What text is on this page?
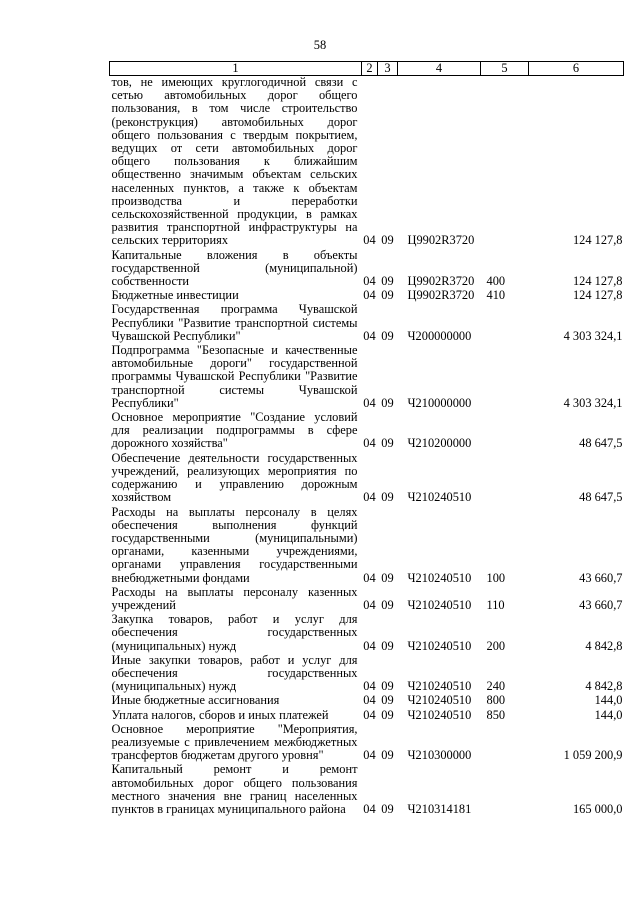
58
1	2	3	4	5	6
тов, не имеющих круглогодичной связи с сетью автомобильных дорог общего пользования, в том числе строительство (реконструкция) автомобильных дорог общего пользования с твердым покрытием, ведущих от сети автомобильных дорог общего пользования к ближайшим общественно значимым объектам сельских населенных пунктов, а также к объектам производства и переработки сельскохозяйственной продукции, в рамках развития транспортной инфраструктуры на сельских территориях	04	09	Ц9902R3720		124 127,8
Капитальные вложения в объекты государственной (муниципальной) собственности	04	09	Ц9902R3720	400	124 127,8
Бюджетные инвестиции	04	09	Ц9902R3720	410	124 127,8
Государственная программа Чувашской Республики "Развитие транспортной системы Чувашской Республики"	04	09	Ч200000000		4 303 324,1
Подпрограмма "Безопасные и качественные автомобильные дороги" государственной программы Чувашской Республики "Развитие транспортной системы Чувашской Республики"	04	09	Ч210000000		4 303 324,1
Основное мероприятие "Создание условий для реализации подпрограммы в сфере дорожного хозяйства"	04	09	Ч210200000		48 647,5
Обеспечение деятельности государственных учреждений, реализующих мероприятия по содержанию и управлению дорожным хозяйством	04	09	Ч210240510		48 647,5
Расходы на выплаты персоналу в целях обеспечения выполнения функций государственными (муниципальными) органами, казенными учреждениями, органами управления государственными внебюджетными фондами	04	09	Ч210240510	100	43 660,7
Расходы на выплаты персоналу казенных учреждений	04	09	Ч210240510	110	43 660,7
Закупка товаров, работ и услуг для обеспечения государственных (муниципальных) нужд	04	09	Ч210240510	200	4 842,8
Иные закупки товаров, работ и услуг для обеспечения государственных (муниципальных) нужд	04	09	Ч210240510	240	4 842,8
Иные бюджетные ассигнования	04	09	Ч210240510	800	144,0
Уплата налогов, сборов и иных платежей	04	09	Ч210240510	850	144,0
Основное мероприятие "Мероприятия, реализуемые с привлечением межбюджетных трансфертов бюджетам другого уровня"	04	09	Ч210300000		1 059 200,9
Капитальный ремонт и ремонт автомобильных дорог общего пользования местного значения вне границ населенных пунктов в границах муниципального района	04	09	Ч210314181		165 000,0
